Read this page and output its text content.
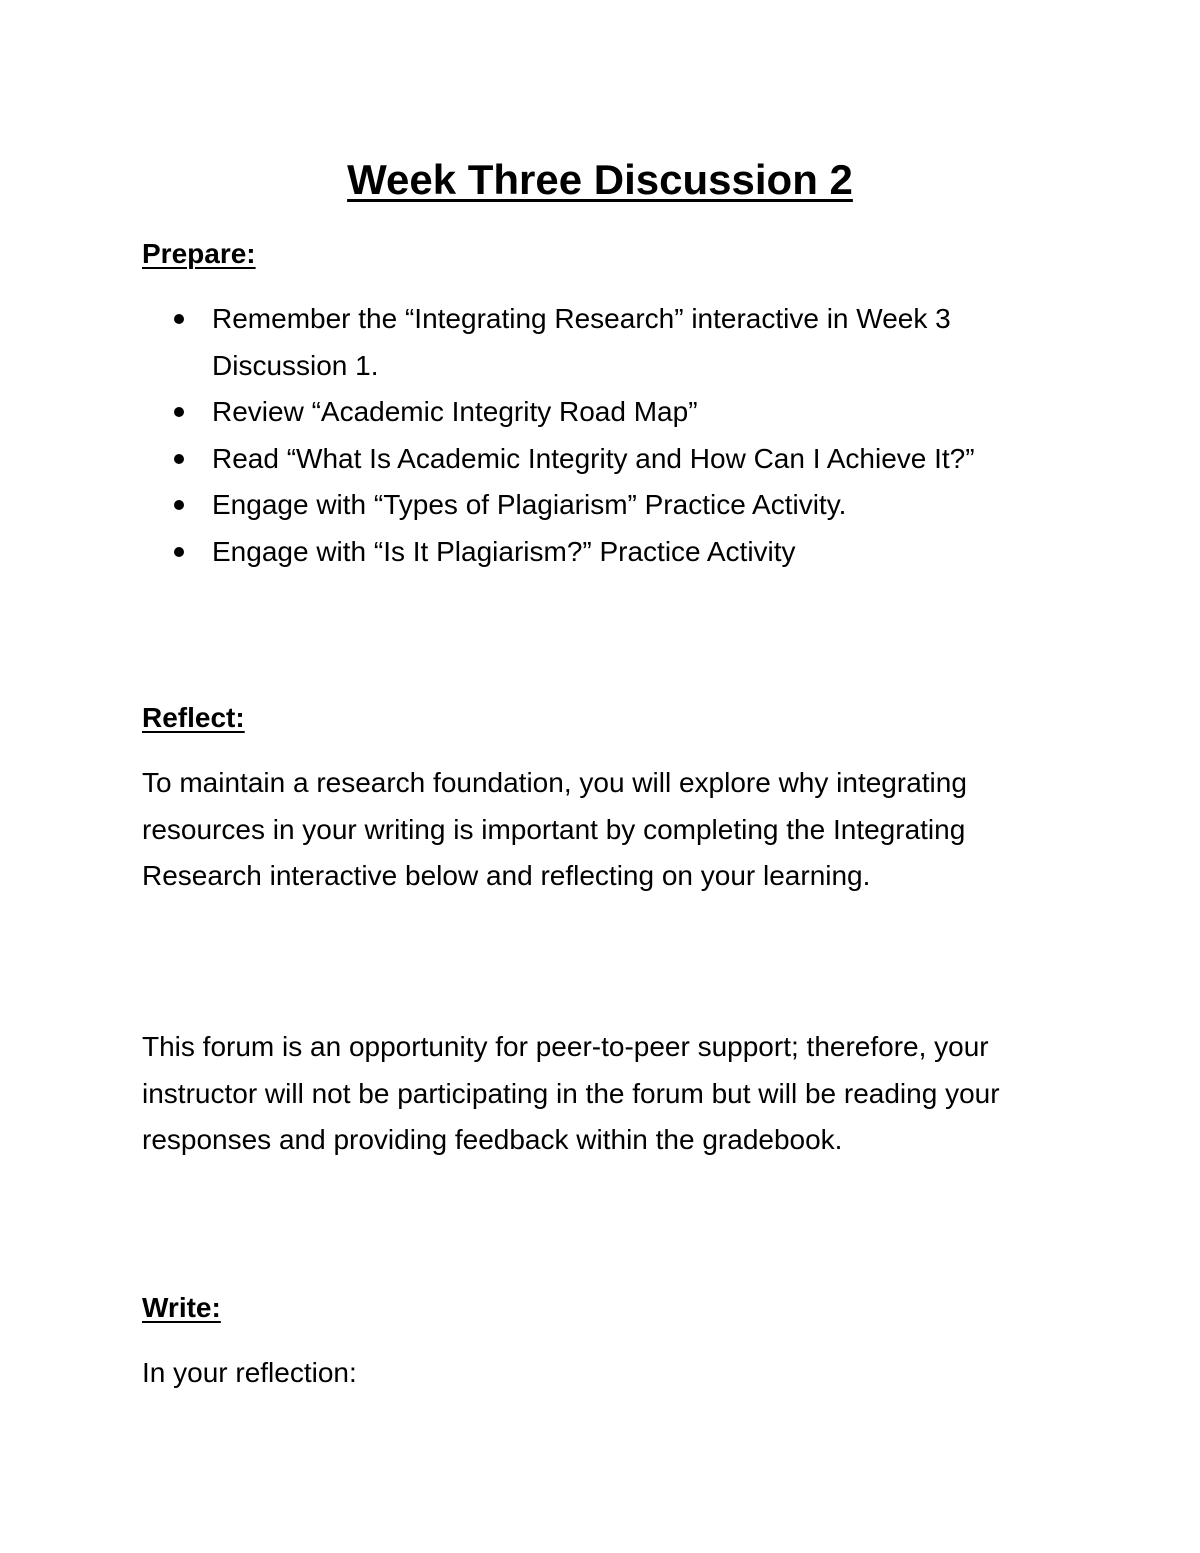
Week Three Discussion 2
Prepare:
Remember the “Integrating Research” interactive in Week 3 Discussion 1.
Review “Academic Integrity Road Map”
Read “What Is Academic Integrity and How Can I Achieve It?”
Engage with “Types of Plagiarism” Practice Activity.
Engage with “Is It Plagiarism?” Practice Activity
Reflect:

To maintain a research foundation, you will explore why integrating resources in your writing is important by completing the Integrating Research interactive below and reflecting on your learning.

This forum is an opportunity for peer-to-peer support; therefore, your instructor will not be participating in the forum but will be reading your responses and providing feedback within the gradebook.

Write:

In your reflection:
